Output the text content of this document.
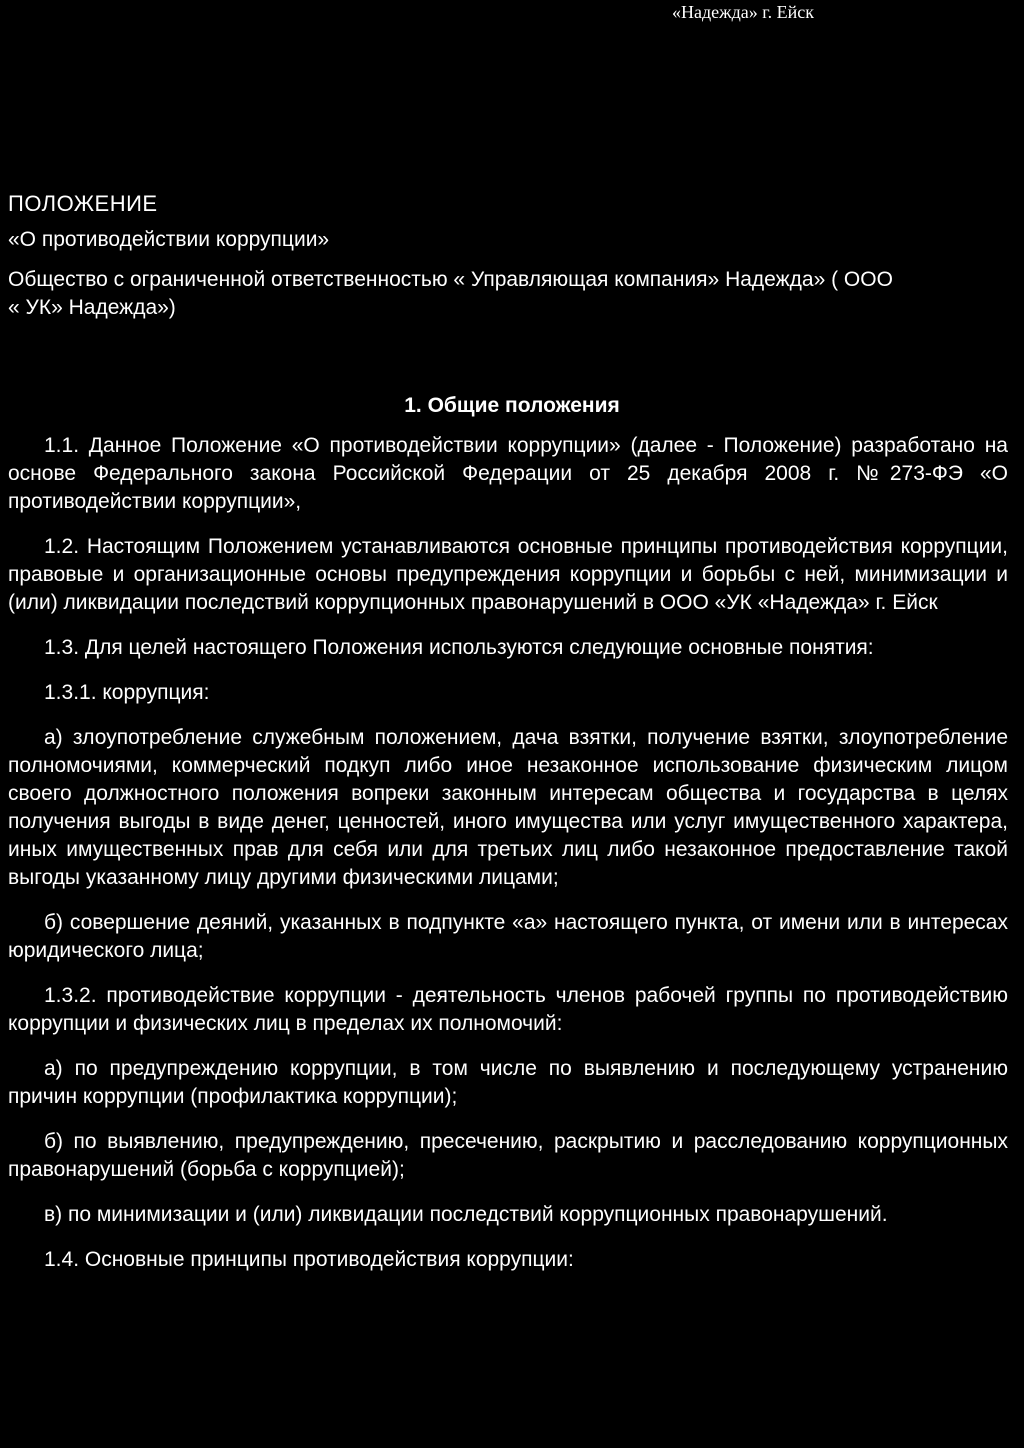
«Надежда» г. Ейск
ПОЛОЖЕНИЕ
«О противодействии коррупции»
Общество с ограниченной ответственностью « Управляющая компания» Надежда» ( ООО « УК» Надежда»)
1. Общие положения

1.1. Данное Положение «О противодействии коррупции» (далее - Положение) разработано на основе Федерального закона Российской Федерации от 25 декабря 2008 г. №273-ФЭ «О противодействии коррупции»,

1.2. Настоящим Положением устанавливаются основные принципы противодействия коррупции, правовые и организационные основы предупреждения коррупции и борьбы с ней, минимизации и (или) ликвидации последствий коррупционных правонарушений в ООО «УК «Надежда» г. Ейск

1.3. Для целей настоящего Положения используются следующие основные понятия:

1.3.1. коррупция:

а) злоупотребление служебным положением, дача взятки, получение взятки, злоупотребление полномочиями, коммерческий подкуп либо иное незаконное использование физическим лицом своего должностного положения вопреки законным интересам общества и государства в целях получения выгоды в виде денег, ценностей, иного имущества или услуг имущественного характера, иных имущественных прав для себя или для третьих лиц либо незаконное предоставление такой выгоды указанному лицу другими физическими лицами;

б) совершение деяний, указанных в подпункте «а» настоящего пункта, от имени или в интересах юридического лица;

1.3.2. противодействие коррупции - деятельность членов рабочей группы по противодействию коррупции и физических лиц в пределах их полномочий:

а) по предупреждению коррупции, в том числе по выявлению и последующему устранению причин коррупции (профилактика коррупции);

б) по выявлению, предупреждению, пресечению, раскрытию и расследованию коррупционных правонарушений (борьба с коррупцией);

в) по минимизации и (или) ликвидации последствий коррупционных правонарушений.

1.4. Основные принципы противодействия коррупции:
